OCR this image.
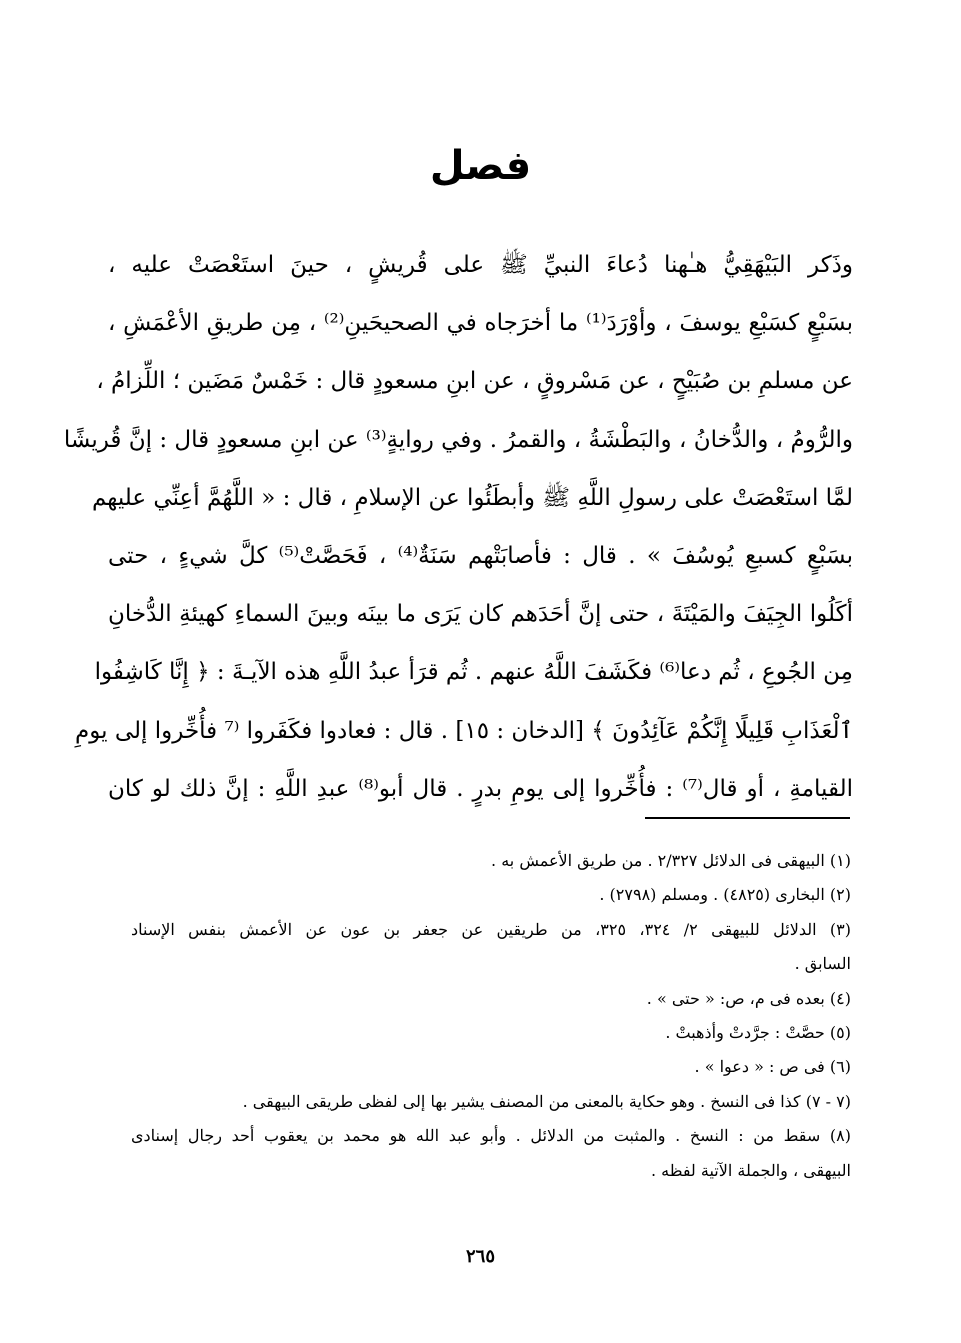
فصل
وذَكر البَيْهَقِيُّ هـٰهنا دُعاءَ النبيِّ ﷺ على قُريشٍ ، حينَ استَعْصَتْ عليه ،
بسَبْعٍ كسَبْعِ يوسفَ ، وأوْرَدَ⁽¹⁾ ما أخرَجاه في الصحيحَينِ⁽²⁾ ، مِن طريقِ الأعْمَشِ ،
عن مسلمِ بن صُبَيْحٍ ، عن مَسْروقٍ ، عن ابنِ مسعودٍ قال : خَمْسٌ مَضَين ؛ اللِّزامُ ،
والرُّومُ ، والدُّخانُ ، والبَطْشَةُ ، والقمرُ . وفي روايةٍ⁽³⁾ عن ابنِ مسعودٍ قال : إنَّ قُريشًا
لمَّا استَعْصَتْ على رسولِ اللَّهِ ﷺ وأبطَئُوا عن الإسلامِ ، قال : « اللَّهُمَّ أعِنِّي عليهم
بسَبْعٍ كسبعِ يُوسُفَ » . قال : فأصابَتْهم سَنَةٌ⁽⁴⁾ ، فَحَصَّتْ⁽⁵⁾ كلَّ شيءٍ ، حتى
أكَلُوا الجِيَفَ والمَيْتَةَ ، حتى إنَّ أحَدَهم كان يَرَى ما بينَه وبينَ السماءِ كهيئةِ الدُّخانِ
مِن الجُوعِ ، ثُم دعا⁽⁶⁾ فكَشَفَ اللَّهُ عنهم . ثُم قرَأ عبدُ اللَّهِ هذه الآيـةَ : ﴿ إِنَّا كَاشِفُوا
ٱلْعَذَابِ قَلِيلًا إِنَّكُمْ عَآئِدُونَ ﴾ [الدخان : ١٥] . قال : فعادوا فكَفَروا ⁽⁷ فأُخِّروا إلى يومِ
القيامةِ ، أو قال⁽⁷⁾ : فأُخِّروا إلى يومِ بدرٍ . قال أبو⁽⁸⁾ عبدِ اللَّهِ : إنَّ ذلك لو كان
(١) البيهقى فى الدلائل ٢/٣٢٧ . من طريق الأعمش به .
(٢) البخارى (٤٨٢٥) . ومسلم (٢٧٩٨) .
(٣) الدلائل للبيهقى ٢/ ٣٢٤، ٣٢٥، من طريقين عن جعفر بن عون عن الأعمش بنفس الإسناد
السابق .
(٤) بعده فى م، ص: « حتى » .
(٥) حصَّتْ : جرَّدتْ وأذهبتْ .
(٦) فى ص : « دعوا » .
(٧ - ٧) كذا فى النسخ . وهو حكاية بالمعنى من المصنف يشير بها إلى لفظى طريقى البيهقى .
(٨) سقط من : النسخ . والمثبت من الدلائل . وأبو عبد الله هو محمد بن يعقوب أحد رجال إسنادى
البيهقى ، والجملة الآتية لفظه .
٢٦٥
